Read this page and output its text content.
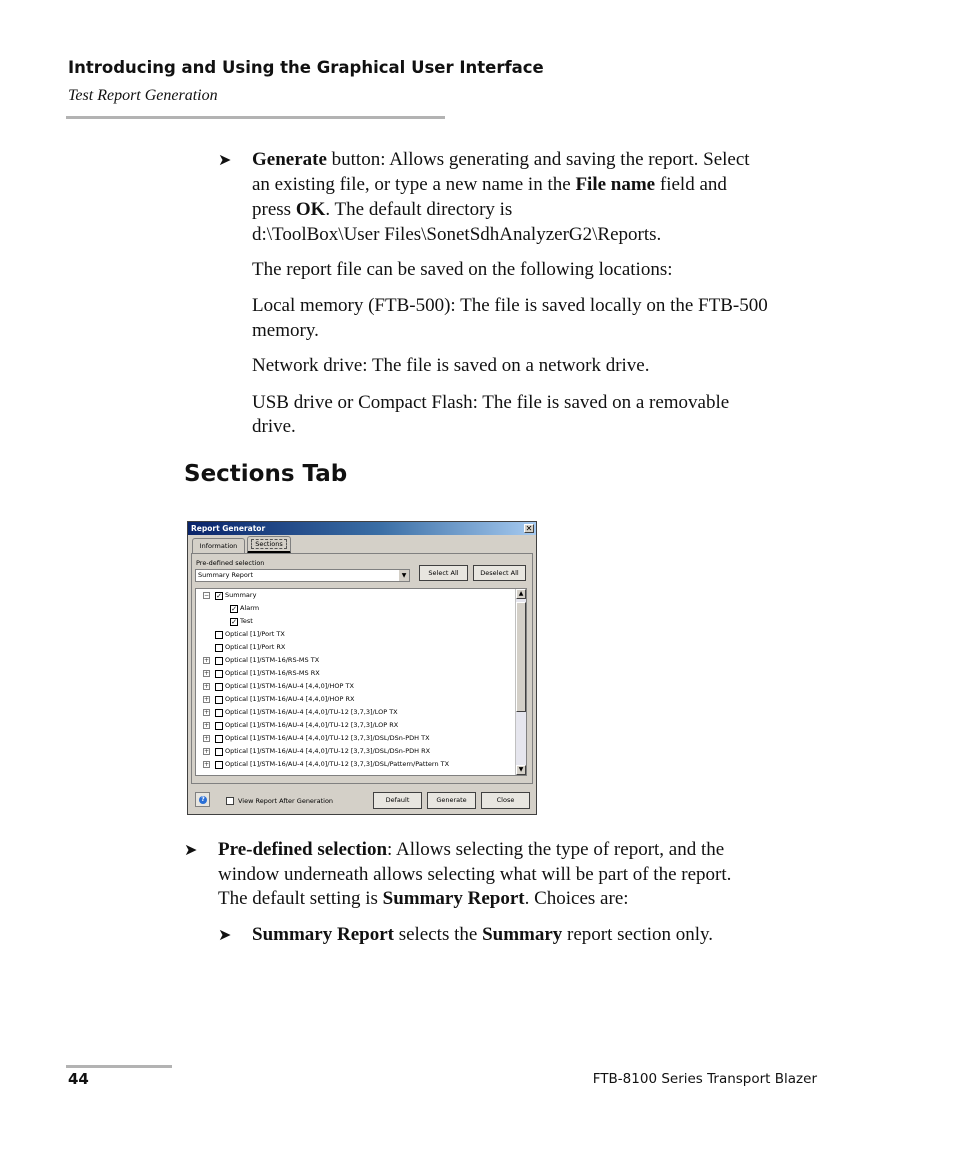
Introducing and Using the Graphical User Interface
Test Report Generation
➤ Generate button: Allows generating and saving the report. Select
an existing file, or type a new name in the File name field and
press OK. The default directory is
d:\ToolBox\User Files\SonetSdhAnalyzerG2\Reports.
The report file can be saved on the following locations:
Local memory (FTB-500): The file is saved locally on the FTB-500
memory.
Network drive: The file is saved on a network drive.
USB drive or Compact Flash: The file is saved on a removable
drive.
Sections Tab
Report Generator	✕
Information	Sections
Pre-defined selection
Summary Report	▼	Select All	Deselect All
− ✓ Summary
✓ Alarm
✓ Test
Optical [1]/Port TX
Optical [1]/Port RX
+ Optical [1]/STM-16/RS-MS TX
+ Optical [1]/STM-16/RS-MS RX
+ Optical [1]/STM-16/AU-4 [4,4,0]/HOP TX
+ Optical [1]/STM-16/AU-4 [4,4,0]/HOP RX
+ Optical [1]/STM-16/AU-4 [4,4,0]/TU-12 [3,7,3]/LOP TX
+ Optical [1]/STM-16/AU-4 [4,4,0]/TU-12 [3,7,3]/LOP RX
+ Optical [1]/STM-16/AU-4 [4,4,0]/TU-12 [3,7,3]/DSL/DSn-PDH TX
+ Optical [1]/STM-16/AU-4 [4,4,0]/TU-12 [3,7,3]/DSL/DSn-PDH RX
+ Optical [1]/STM-16/AU-4 [4,4,0]/TU-12 [3,7,3]/DSL/Pattern/Pattern TX
▲
▼
?	View Report After Generation	Default	Generate	Close
➤ Pre-defined selection: Allows selecting the type of report, and the
window underneath allows selecting what will be part of the report.
The default setting is Summary Report. Choices are:
➤ Summary Report selects the Summary report section only.
44	FTB-8100 Series Transport Blazer
